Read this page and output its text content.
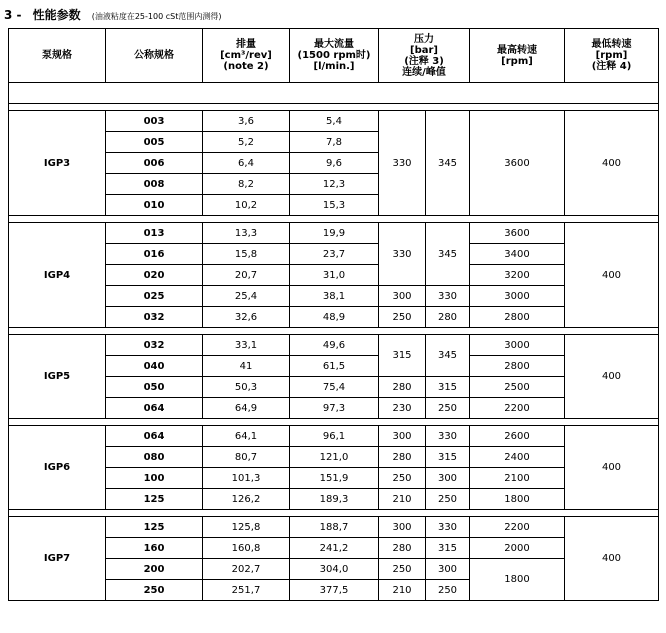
3 - 性能参数 (油液粘度在25-100 cSt范围内测得)
泵规格	公称规格	排量
[cm³/rev]
(note 2)	最大流量
(1500 rpm时)
[l/min.]	压力
[bar]
(注释 3)
连续/峰值		最高转速
[rpm]	最低转速
[rpm]
(注释 4)

IGP3	003	3,6	5,4	330	345	3600	400
	005	5,2	7,8				
	006	6,4	9,6				
	008	8,2	12,3				
	010	10,2	15,3				

IGP4	013	13,3	19,9	330	345	3600	400
	016	15,8	23,7			3400	
	020	20,7	31,0			3200	
	025	25,4	38,1	300	330	3000	
	032	32,6	48,9	250	280	2800	

IGP5	032	33,1	49,6	315	345	3000	400
	040	41	61,5			2800	
	050	50,3	75,4	280	315	2500	
	064	64,9	97,3	230	250	2200	

IGP6	064	64,1	96,1	300	330	2600	400
	080	80,7	121,0	280	315	2400	
	100	101,3	151,9	250	300	2100	
	125	126,2	189,3	210	250	1800	

IGP7	125	125,8	188,7	300	330	2200	400
	160	160,8	241,2	280	315	2000	
	200	202,7	304,0	250	300	1800	
	250	251,7	377,5	210	250		
